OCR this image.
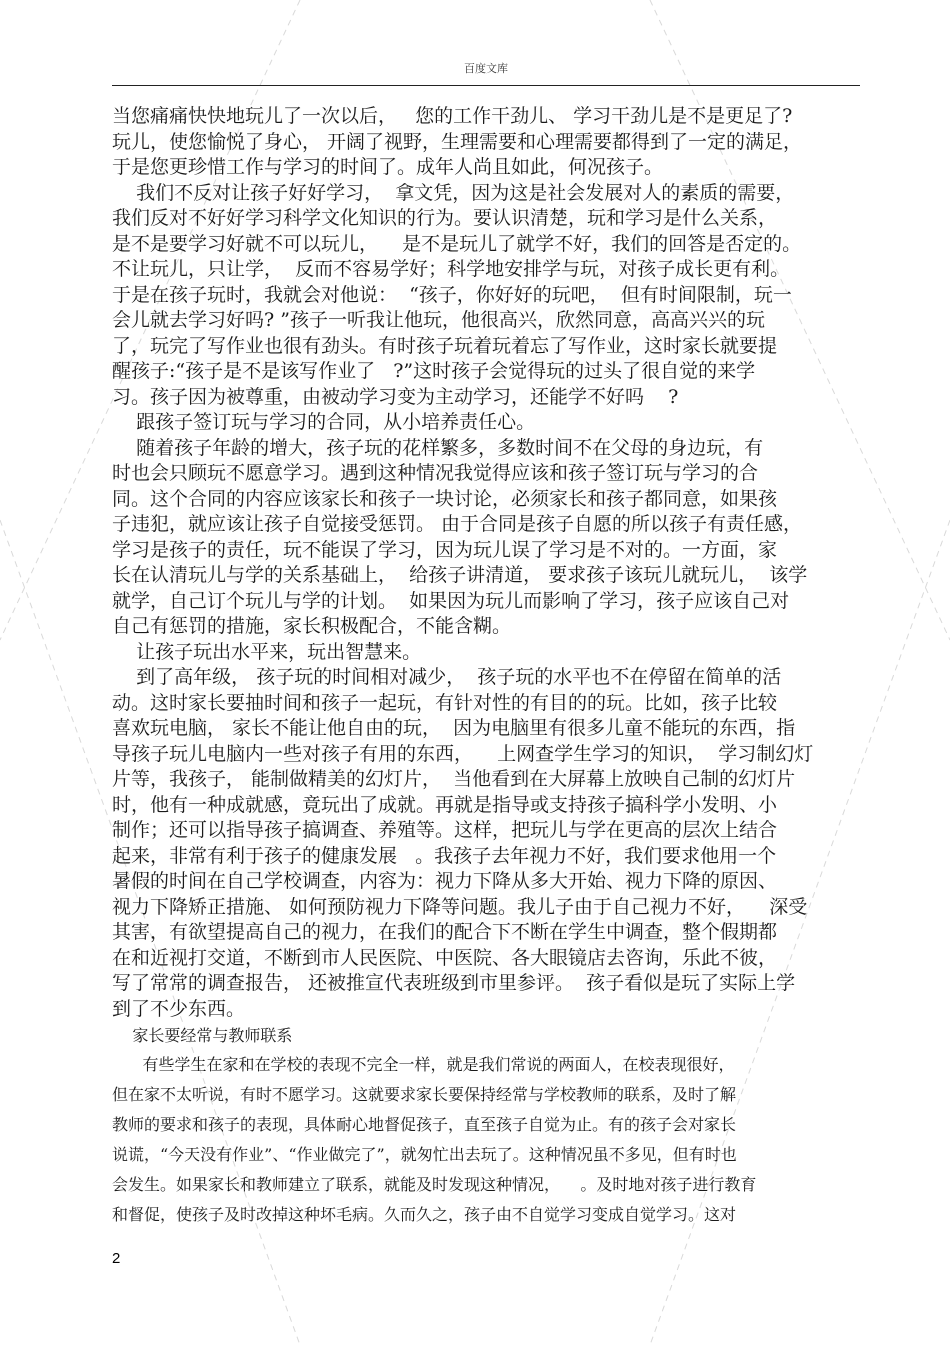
百度文库
当您痛痛快快地玩儿了一次以后，   您的工作干劲儿、 学习干劲儿是不是更足了?
玩儿，使您愉悦了身心， 开阔了视野，生理需要和心理需要都得到了一定的满足，
于是您更珍惜工作与学习的时间了。成年人尚且如此，何况孩子。
我们不反对让孩子好好学习，  拿文凭，因为这是社会发展对人的素质的需要，
我们反对不好好学习科学文化知识的行为。要认识清楚，玩和学习是什么关系，
是不是要学习好就不可以玩儿，    是不是玩儿了就学不好，我们的回答是否定的。
不让玩儿，只让学，  反而不容易学好；科学地安排学与玩，对孩子成长更有利。
于是在孩子玩时，我就会对他说：  “孩子，你好好的玩吧，  但有时间限制，玩一
会儿就去学习好吗? ”孩子一听我让他玩，他很高兴，欣然同意，高高兴兴的玩
了，玩完了写作业也很有劲头。有时孩子玩着玩着忘了写作业，这时家长就要提
醒孩子:“孩子是不是该写作业了   ?”这时孩子会觉得玩的过头了很自觉的来学
习。孩子因为被尊重，由被动学习变为主动学习，还能学不好吗    ?
跟孩子签订玩与学习的合同，从小培养责任心。
随着孩子年龄的增大，孩子玩的花样繁多，多数时间不在父母的身边玩，有
时也会只顾玩不愿意学习。遇到这种情况我觉得应该和孩子签订玩与学习的合
同。这个合同的内容应该家长和孩子一块讨论，必须家长和孩子都同意，如果孩
子违犯，就应该让孩子自觉接受惩罚。 由于合同是孩子自愿的所以孩子有责任感，
学习是孩子的责任，玩不能误了学习，因为玩儿误了学习是不对的。一方面，家
长在认清玩儿与学的关系基础上，  给孩子讲清道， 要求孩子该玩儿就玩儿，  该学
就学，自己订个玩儿与学的计划。  如果因为玩儿而影响了学习，孩子应该自己对
自己有惩罚的措施，家长积极配合，不能含糊。
让孩子玩出水平来，玩出智慧来。
到了高年级， 孩子玩的时间相对减少，  孩子玩的水平也不在停留在简单的活
动。这时家长要抽时间和孩子一起玩，有针对性的有目的的玩。比如，孩子比较
喜欢玩电脑， 家长不能让他自由的玩，  因为电脑里有很多儿童不能玩的东西，指
导孩子玩儿电脑内一些对孩子有用的东西，    上网查学生学习的知识，  学习制幻灯
片等，我孩子， 能制做精美的幻灯片，  当他看到在大屏幕上放映自己制的幻灯片
时，他有一种成就感，竟玩出了成就。再就是指导或支持孩子搞科学小发明、小
制作；还可以指导孩子搞调查、养殖等。这样，把玩儿与学在更高的层次上结合
起来，非常有利于孩子的健康发展   。我孩子去年视力不好，我们要求他用一个
暑假的时间在自己学校调查，内容为：视力下降从多大开始、视力下降的原因、
视力下降矫正措施、 如何预防视力下降等问题。我儿子由于自己视力不好，    深受
其害，有欲望提高自己的视力，在我们的配合下不断在学生中调查，整个假期都
在和近视打交道，不断到市人民医院、中医院、各大眼镜店去咨询，乐此不彼，
写了常常的调查报告， 还被推宣代表班级到市里参评。  孩子看似是玩了实际上学
到了不少东西。
家长要经常与教师联系
有些学生在家和在学校的表现不完全一样，就是我们常说的两面人，在校表现很好，
但在家不太听说，有时不愿学习。这就要求家长要保持经常与学校教师的联系，及时了解
教师的要求和孩子的表现，具体耐心地督促孩子，直至孩子自觉为止。有的孩子会对家长
说谎，“今天没有作业”、“作业做完了”，就匆忙出去玩了。这种情况虽不多见，但有时也
会发生。如果家长和教师建立了联系，就能及时发现这种情况，    。及时地对孩子进行教育
和督促，使孩子及时改掉这种坏毛病。久而久之，孩子由不自觉学习变成自觉学习。这对
2
